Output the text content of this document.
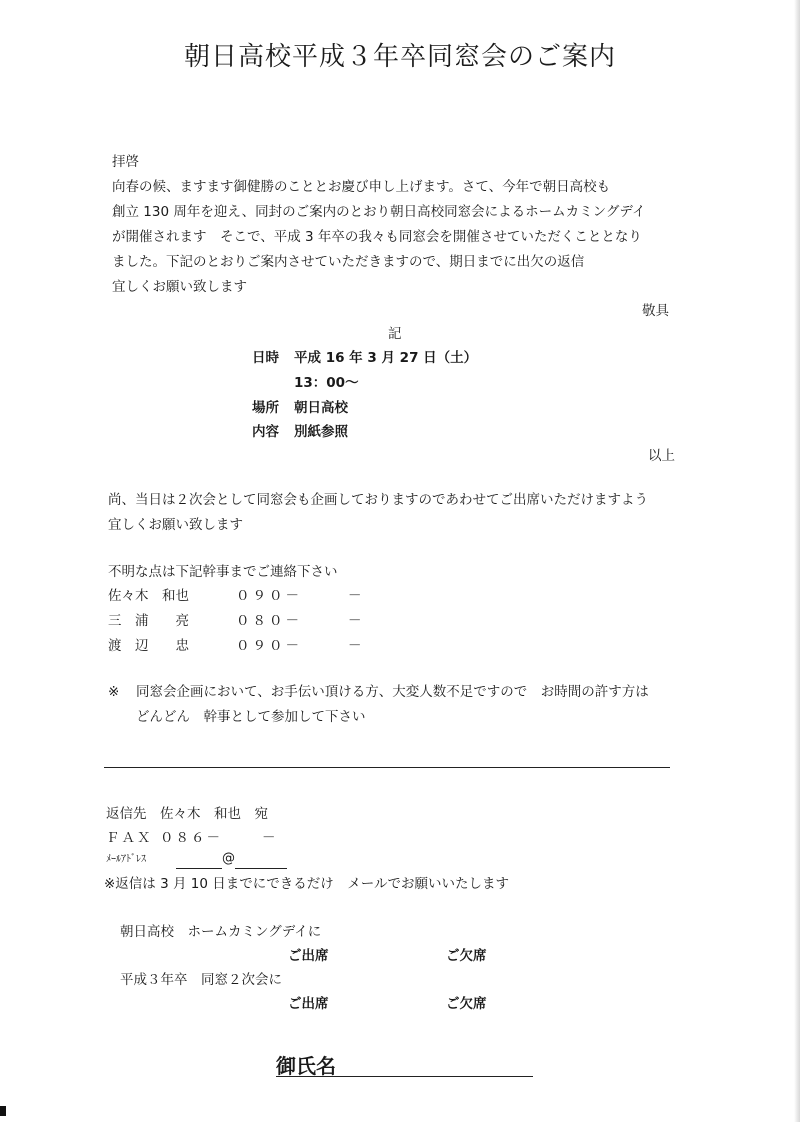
朝日高校平成３年卒同窓会のご案内
拝啓
向春の候、ますます御健勝のこととお慶び申し上げます。さて、今年で朝日高校も
創立 130 周年を迎え、同封のご案内のとおり朝日高校同窓会によるホームカミングデイ
が開催されます　そこで、平成 3 年卒の我々も同窓会を開催させていただくこととなり
ました。下記のとおりご案内させていただきますので、期日までに出欠の返信
宜しくお願い致します
敬具
記
日時 平成 16 年 3 月 27 日（土）
13：00～
場所 朝日高校
内容 別紙参照
以上
尚、当日は２次会として同窓会も企画しておりますのであわせてご出席いただけますよう
宜しくお願い致します
不明な点は下記幹事までご連絡下さい
佐々木　和也	０９０－	－
三　浦　　亮	０８０－	－
渡　辺　　忠	０９０－	－
※ 同窓会企画において、お手伝い頂ける方、大変人数不足ですので　お時間の許す方は
どんどん　幹事として参加して下さい
返信先　佐々木　和也　宛
ＦＡＸ ０８６－	－
ﾒｰﾙｱﾄﾞﾚｽ	@
※返信は 3 月 10 日までにできるだけ　メールでお願いいたします
朝日高校　ホームカミングデイに
ご出席	ご欠席
平成３年卒　同窓２次会に
ご出席	ご欠席
御氏名
